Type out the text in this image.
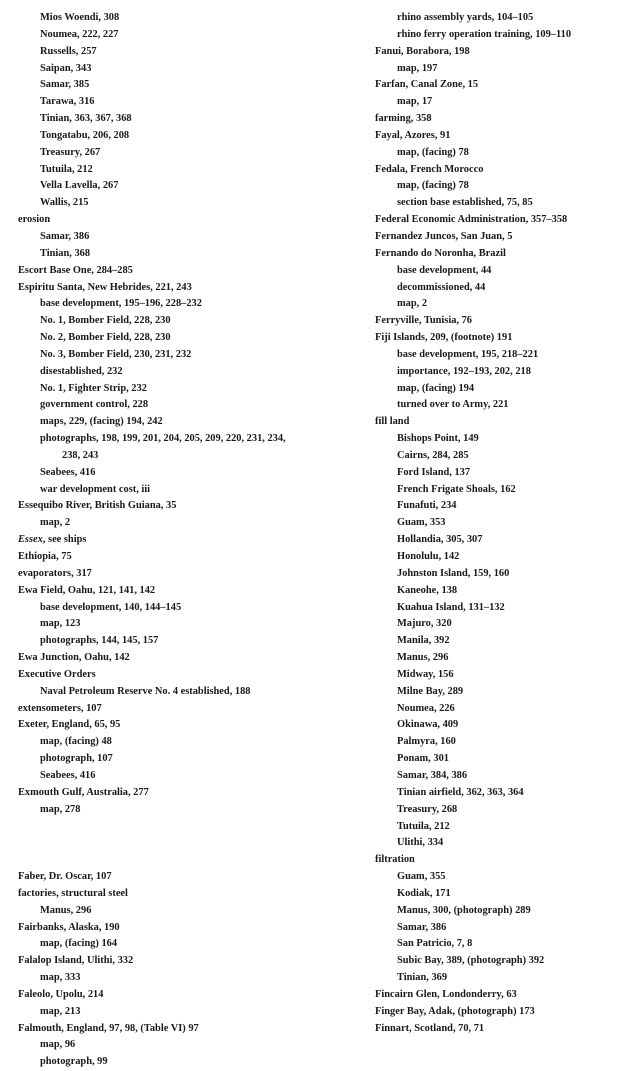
Mios Woendi, 308
Noumea, 222, 227
Russells, 257
Saipan, 343
Samar, 385
Tarawa, 316
Tinian, 363, 367, 368
Tongatabu, 206, 208
Treasury, 267
Tutuila, 212
Vella Lavella, 267
Wallis, 215
erosion
Samar, 386
Tinian, 368
Escort Base One, 284–285
Espiritu Santa, New Hebrides, 221, 243
base development, 195–196, 228–232
No. 1, Bomber Field, 228, 230
No. 2, Bomber Field, 228, 230
No. 3, Bomber Field, 230, 231, 232
disestablished, 232
No. 1, Fighter Strip, 232
government control, 228
maps, 229, (facing) 194, 242
photographs, 198, 199, 201, 204, 205, 209, 220, 231, 234,
238, 243
Seabees, 416
war development cost, iii
Essequibo River, British Guiana, 35
map, 2
Essex, see ships
Ethiopia, 75
evaporators, 317
Ewa Field, Oahu, 121, 141, 142
base development, 140, 144–145
map, 123
photographs, 144, 145, 157
Ewa Junction, Oahu, 142
Executive Orders
Naval Petroleum Reserve No. 4 established, 188
extensometers, 107
Exeter, England, 65, 95
map, (facing) 48
photograph, 107
Seabees, 416
Exmouth Gulf, Australia, 277
map, 278
Faber, Dr. Oscar, 107
factories, structural steel
Manus, 296
Fairbanks, Alaska, 190
map, (facing) 164
Falalop Island, Ulithi, 332
map, 333
Faleolo, Upolu, 214
map, 213
Falmouth, England, 97, 98, (Table VI) 97
map, 96
photograph, 99
rhino assembly yards, 104–105
rhino ferry operation training, 109–110
Fanui, Borabora, 198
map, 197
Farfan, Canal Zone, 15
map, 17
farming, 358
Fayal, Azores, 91
map, (facing) 78
Fedala, French Morocco
map, (facing) 78
section base established, 75, 85
Federal Economic Administration, 357–358
Fernandez Juncos, San Juan, 5
Fernando do Noronha, Brazil
base development, 44
decommissioned, 44
map, 2
Ferryville, Tunisia, 76
Fiji Islands, 209, (footnote) 191
base development, 195, 218–221
importance, 192–193, 202, 218
map, (facing) 194
turned over to Army, 221
fill land
Bishops Point, 149
Cairns, 284, 285
Ford Island, 137
French Frigate Shoals, 162
Funafuti, 234
Guam, 353
Hollandia, 305, 307
Honolulu, 142
Johnston Island, 159, 160
Kaneohe, 138
Kuahua Island, 131–132
Majuro, 320
Manila, 392
Manus, 296
Midway, 156
Milne Bay, 289
Noumea, 226
Okinawa, 409
Palmyra, 160
Ponam, 301
Samar, 384, 386
Tinian airfield, 362, 363, 364
Treasury, 268
Tutuila, 212
Ulithi, 334
filtration
Guam, 355
Kodiak, 171
Manus, 300, (photograph) 289
Samar, 386
San Patricio, 7, 8
Subic Bay, 389, (photograph) 392
Tinian, 369
Fincairn Glen, Londonderry, 63
Finger Bay, Adak, (photograph) 173
Finnart, Scotland, 70, 71
